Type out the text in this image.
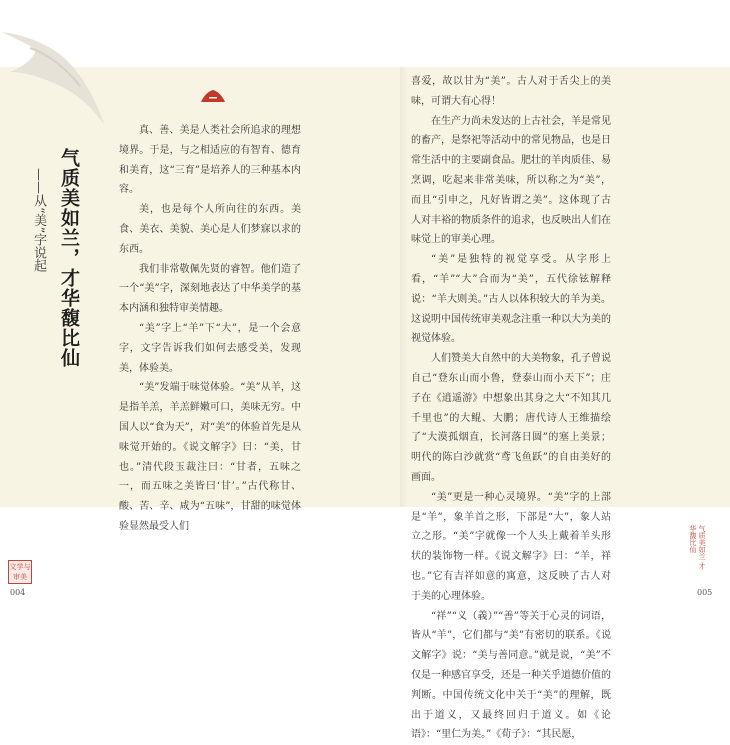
气质美如兰，才华馥比仙
——从“美”字说起

真、善、美是人类社会所追求的理想境界。于是，与之相适应的有智育、德育和美育，这“三育”是培养人的三种基本内容。

美，也是每个人所向往的东西。美食、美衣、美貌、美心是人们梦寐以求的东西。

我们非常敬佩先贤的睿智。他们造了一个“美”字，深刻地表达了中华美学的基本内涵和独特审美情趣。

“美”字上“羊”下“大”，是一个会意字，文字告诉我们如何去感受美，发现美，体验美。

“美”发端于味觉体验。“美”从羊，这是指羊羔，羊羔鲜嫩可口，美味无穷。中国人以“食为天”，对“美”的体验首先是从味觉开始的。《说文解字》曰：“美，甘也。”清代段玉裁注曰：“甘者，五味之一，而五味之美皆曰‘甘’。”古代称甘、酸、苦、辛、咸为“五味”，甘甜的味觉体验显然最受人们

喜爱，故以甘为“美”。古人对于舌尖上的美味，可谓大有心得！

在生产力尚未发达的上古社会，羊是常见的畜产，是祭祀等活动中的常见物品，也是日常生活中的主要副食品。肥壮的羊肉质佳、易烹调，吃起来非常美味，所以称之为“美”，而且“引申之，凡好皆谓之美”。这体现了古人对丰裕的物质条件的追求，也反映出人们在味觉上的审美心理。

“美”是独特的视觉享受。从字形上看，“羊”“大”合而为“美”，五代徐铉解释说：“羊大则美。”古人以体积较大的羊为美。这说明中国传统审美观念注重一种以大为美的视觉体验。

人们赞美大自然中的大美物象，孔子曾说自己“登东山而小鲁，登泰山而小天下”；庄子在《逍遥游》中想象出其身之大“不知其几千里也”的大鲲、大鹏；唐代诗人王维描绘了“大漠孤烟直，长河落日圆”的塞上美景；明代的陈白沙就赏“鸢飞鱼跃”的自由美好的画面。

“美”更是一种心灵境界。“美”字的上部是“羊”，象羊首之形，下部是“大”，象人站立之形。“美”字就像一个人头上戴着羊头形状的装饰物一样。《说文解字》曰：“羊，祥也。”它有吉祥如意的寓意，这反映了古人对于美的心理体验。

“祥”“义（義）”“善”等关于心灵的词语，皆从“羊”，它们都与“美”有密切的联系。《说文解字》说：“美与善同意。”就是说，“美”不仅是一种感官享受，还是一种关乎道德价值的判断。中国传统文化中关于“美”的理解，既出于道义，又最终回归于道义。如《论语》：“里仁为美。”《荀子》：“其民愿，

文学与审美
004
气质美如兰 才华馥比仙
005
